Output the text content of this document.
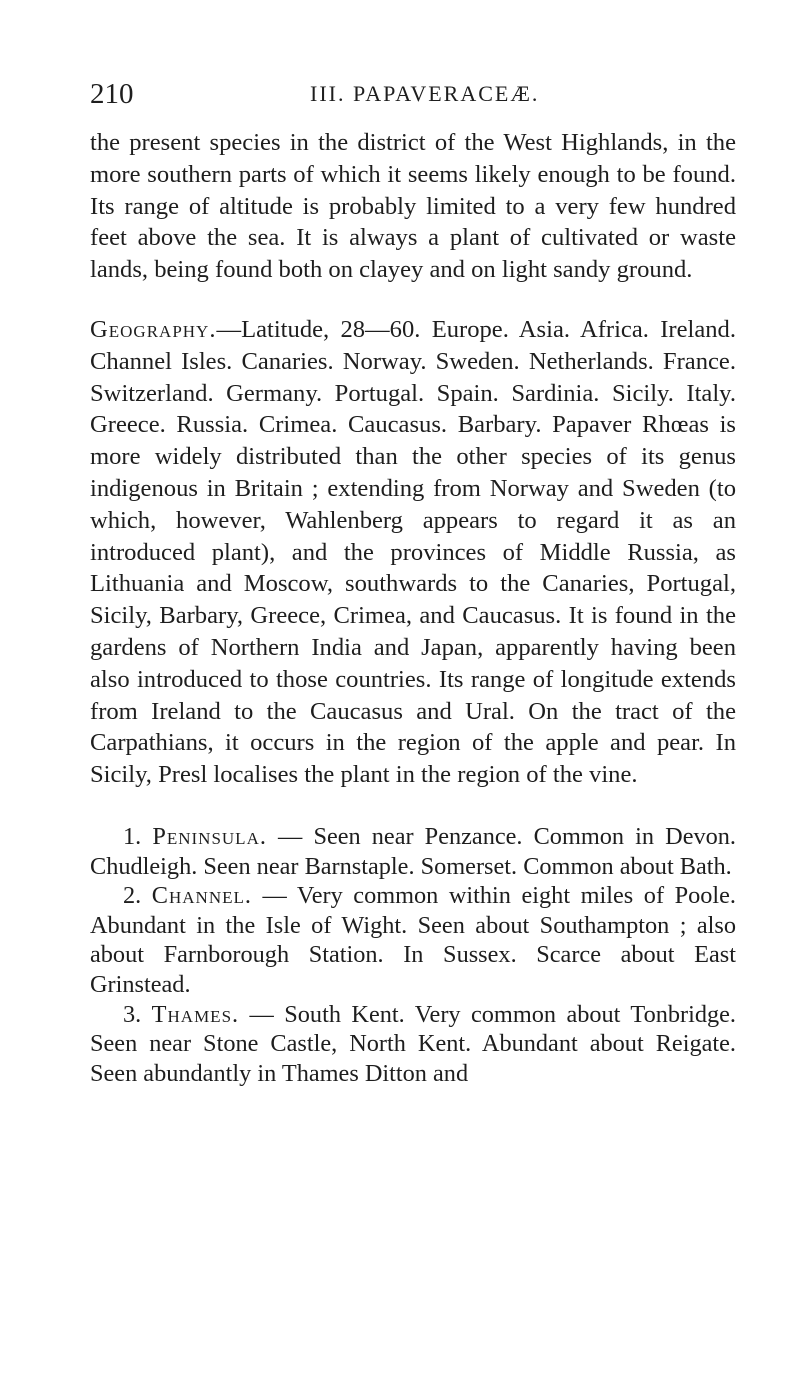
210	III. PAPAVERACEÆ.

the present species in the district of the West Highlands, in the more southern parts of which it seems likely enough to be found. Its range of altitude is probably limited to a very few hundred feet above the sea. It is always a plant of cultivated or waste lands, being found both on clayey and on light sandy ground.

Geography.—Latitude, 28—60. Europe. Asia. Africa. Ireland. Channel Isles. Canaries. Norway. Sweden. Netherlands. France. Switzerland. Germany. Portugal. Spain. Sardinia. Sicily. Italy. Greece. Russia. Crimea. Caucasus. Barbary. Papaver Rhœas is more widely distributed than the other species of its genus indigenous in Britain ; extending from Norway and Sweden (to which, however, Wahlenberg appears to regard it as an introduced plant), and the provinces of Middle Russia, as Lithuania and Moscow, southwards to the Canaries, Portugal, Sicily, Barbary, Greece, Crimea, and Caucasus. It is found in the gardens of Northern India and Japan, apparently having been also introduced to those countries. Its range of longitude extends from Ireland to the Caucasus and Ural. On the tract of the Carpathians, it occurs in the region of the apple and pear. In Sicily, Presl localises the plant in the region of the vine.

1. Peninsula. — Seen near Penzance. Common in Devon. Chudleigh. Seen near Barnstaple. Somerset. Common about Bath.

2. Channel. — Very common within eight miles of Poole. Abundant in the Isle of Wight. Seen about Southampton ; also about Farnborough Station. In Sussex. Scarce about East Grinstead.

3. Thames. — South Kent. Very common about Tonbridge. Seen near Stone Castle, North Kent. Abundant about Reigate. Seen abundantly in Thames Ditton and
